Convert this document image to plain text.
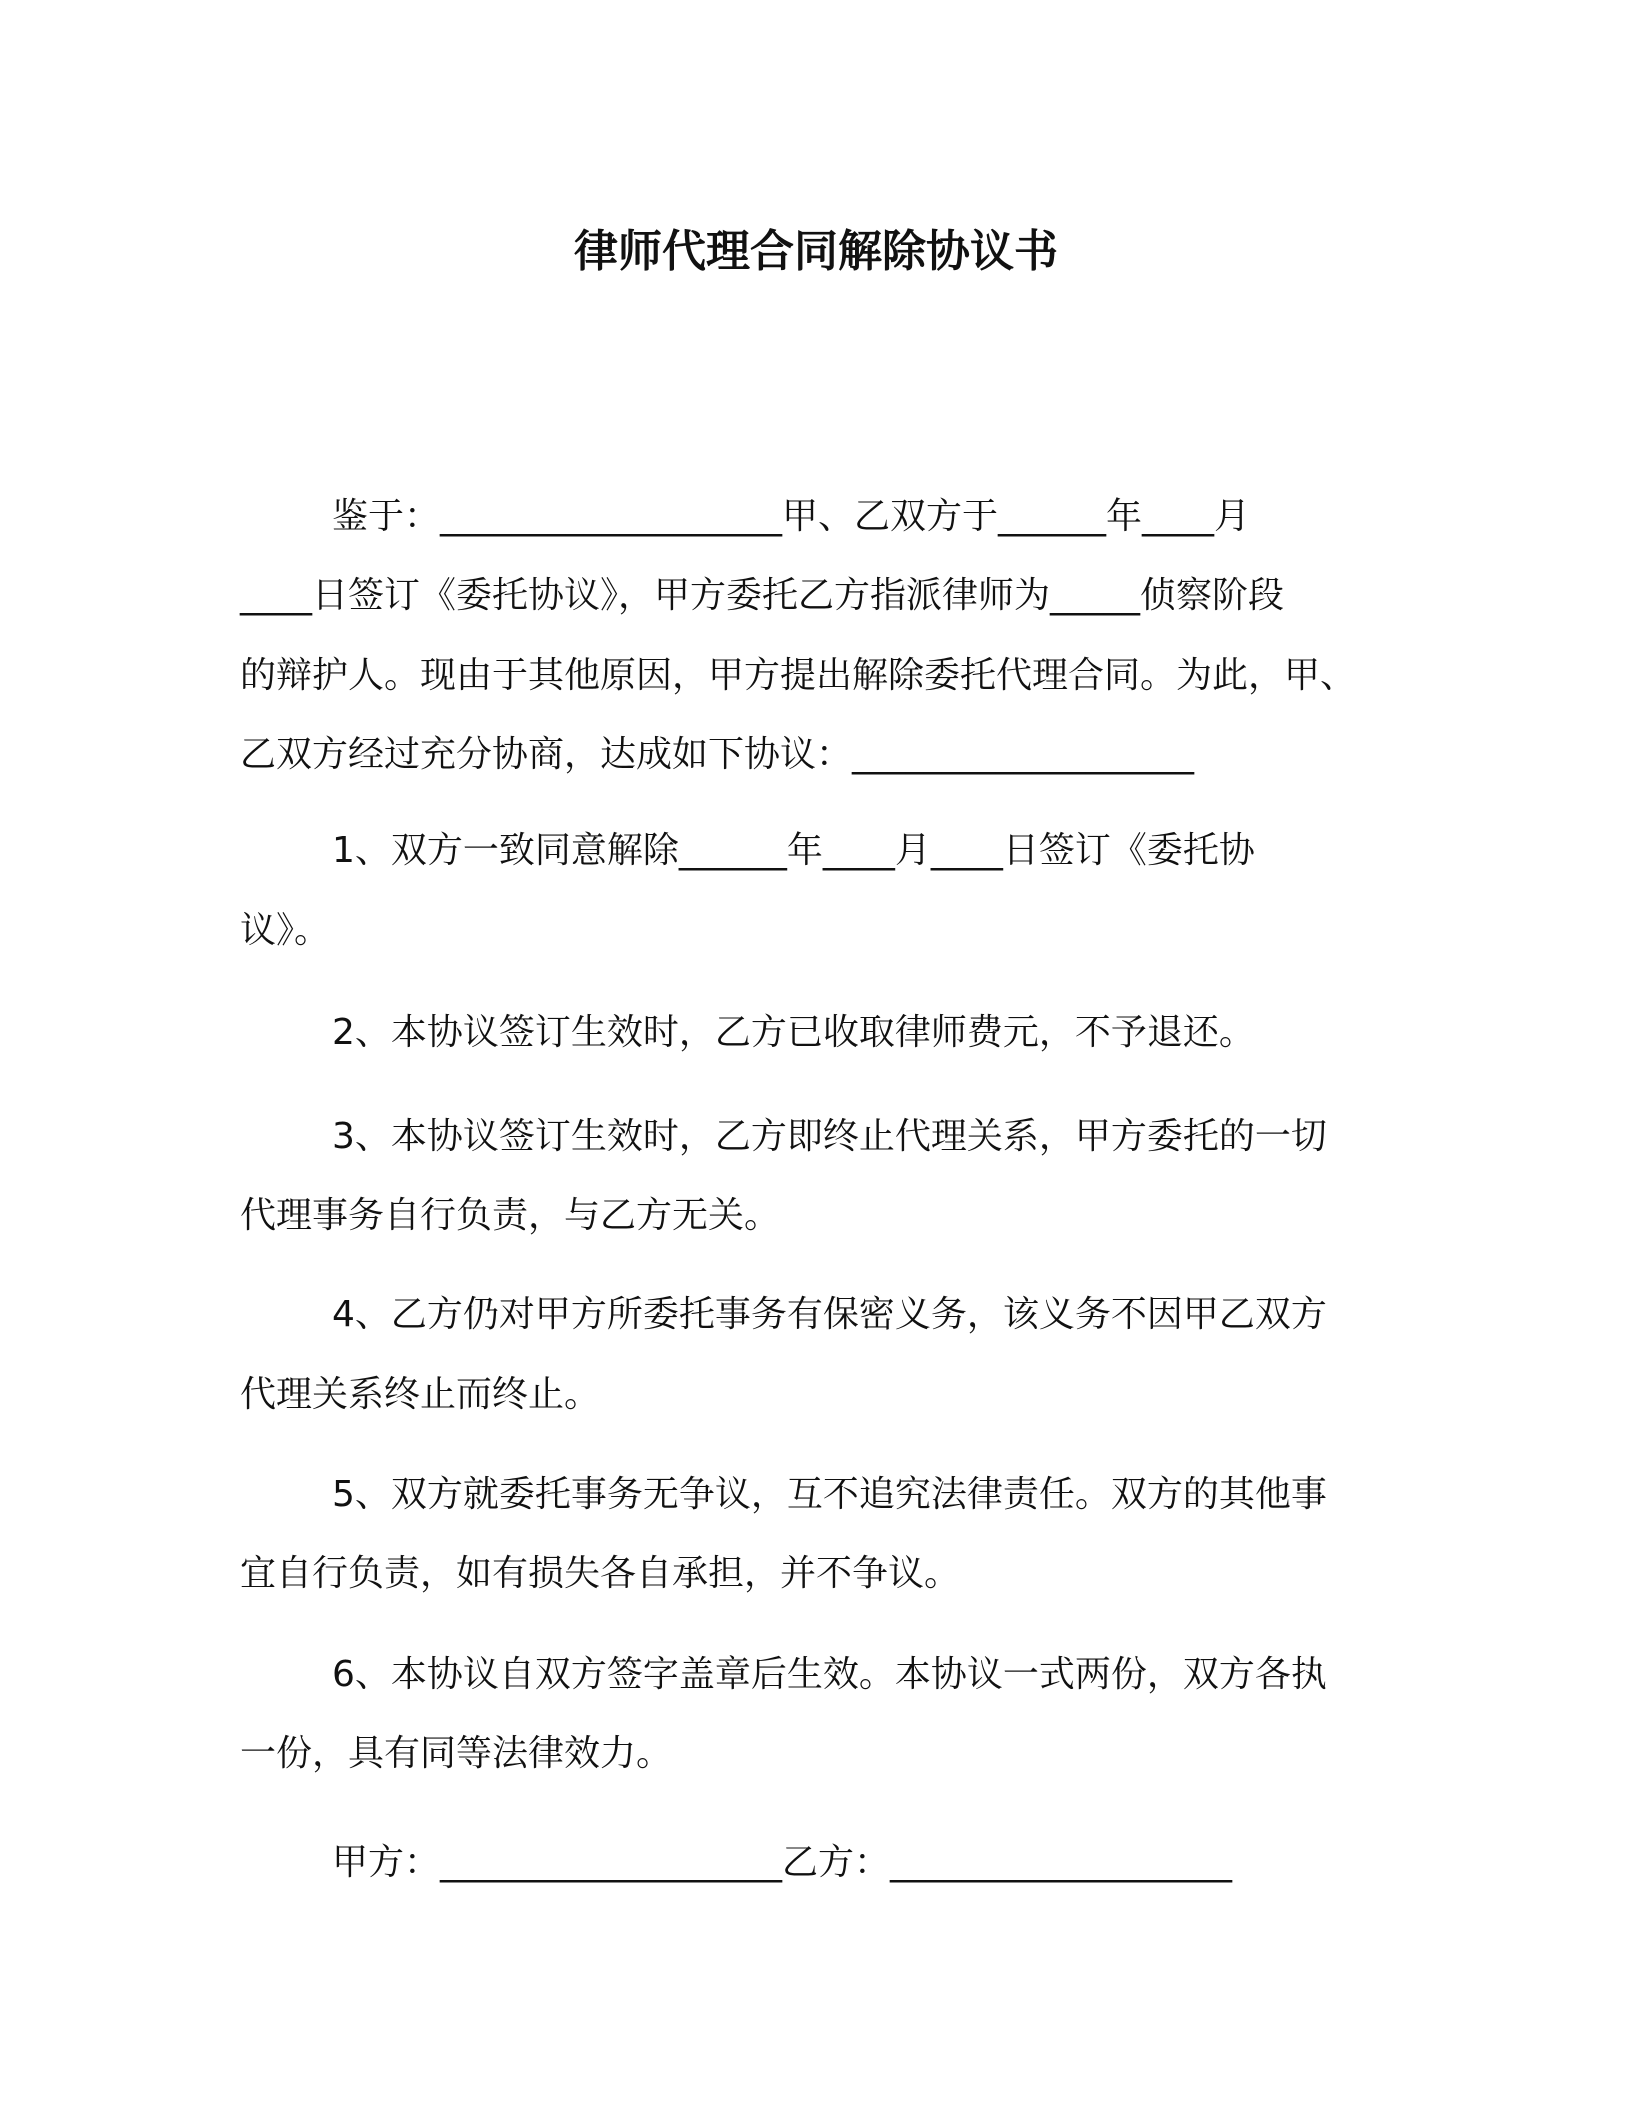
律师代理合同解除协议书
鉴于：___________________甲、乙双方于______年____月
____日签订《委托协议》，甲方委托乙方指派律师为_____侦察阶段
的辩护人。现由于其他原因，甲方提出解除委托代理合同。为此，甲、
乙双方经过充分协商，达成如下协议：___________________
1、双方一致同意解除______年____月____日签订《委托协
议》。
2、本协议签订生效时，乙方已收取律师费元，不予退还。
3、本协议签订生效时，乙方即终止代理关系，甲方委托的一切
代理事务自行负责，与乙方无关。
4、乙方仍对甲方所委托事务有保密义务，该义务不因甲乙双方
代理关系终止而终止。
5、双方就委托事务无争议，互不追究法律责任。双方的其他事
宜自行负责，如有损失各自承担，并不争议。
6、本协议自双方签字盖章后生效。本协议一式两份，双方各执
一份，具有同等法律效力。
甲方：___________________乙方：___________________
